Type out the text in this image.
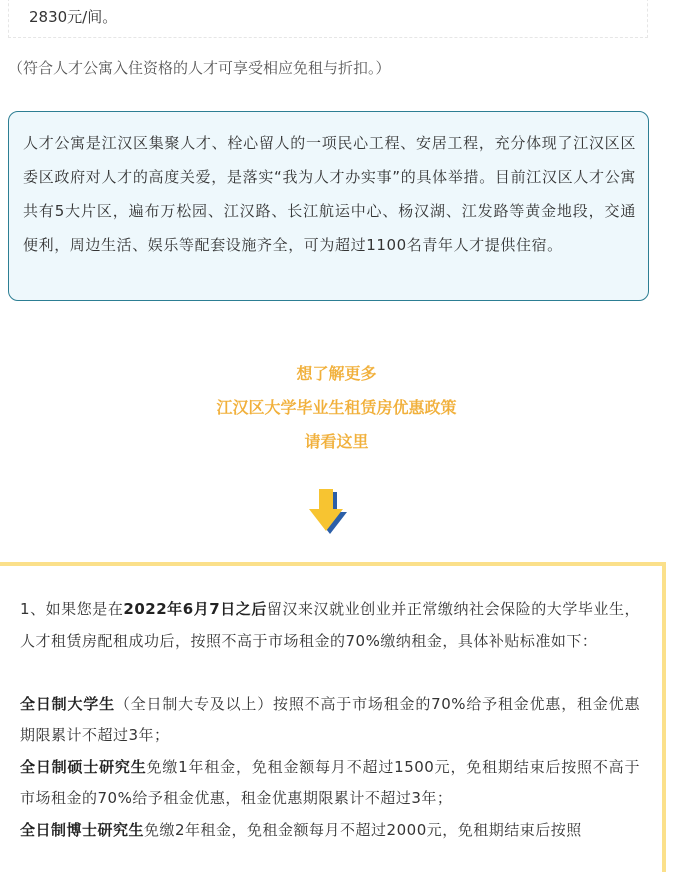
2830元/间。
（符合人才公寓入住资格的人才可享受相应免租与折扣。）
人才公寓是江汉区集聚人才、栓心留人的一项民心工程、安居工程，充分体现了江汉区区委区政府对人才的高度关爱，是落实“我为人才办实事”的具体举措。目前江汉区人才公寓共有5大片区，遍布万松园、江汉路、长江航运中心、杨汉湖、江发路等黄金地段，交通便利，周边生活、娱乐等配套设施齐全，可为超过1100名青年人才提供住宿。
想了解更多
江汉区大学毕业生租赁房优惠政策
请看这里

1、如果您是在2022年6月7日之后留汉来汉就业创业并正常缴纳社会保险的大学毕业生，人才租赁房配租成功后，按照不高于市场租金的70%缴纳租金，具体补贴标准如下：

全日制大学生（全日制大专及以上）按照不高于市场租金的70%给予租金优惠，租金优惠期限累计不超过3年；

全日制硕士研究生免缴1年租金，免租金额每月不超过1500元，免租期结束后按照不高于市场租金的70%给予租金优惠，租金优惠期限累计不超过3年；

全日制博士研究生免缴2年租金，免租金额每月不超过2000元，免租期结束后按照
